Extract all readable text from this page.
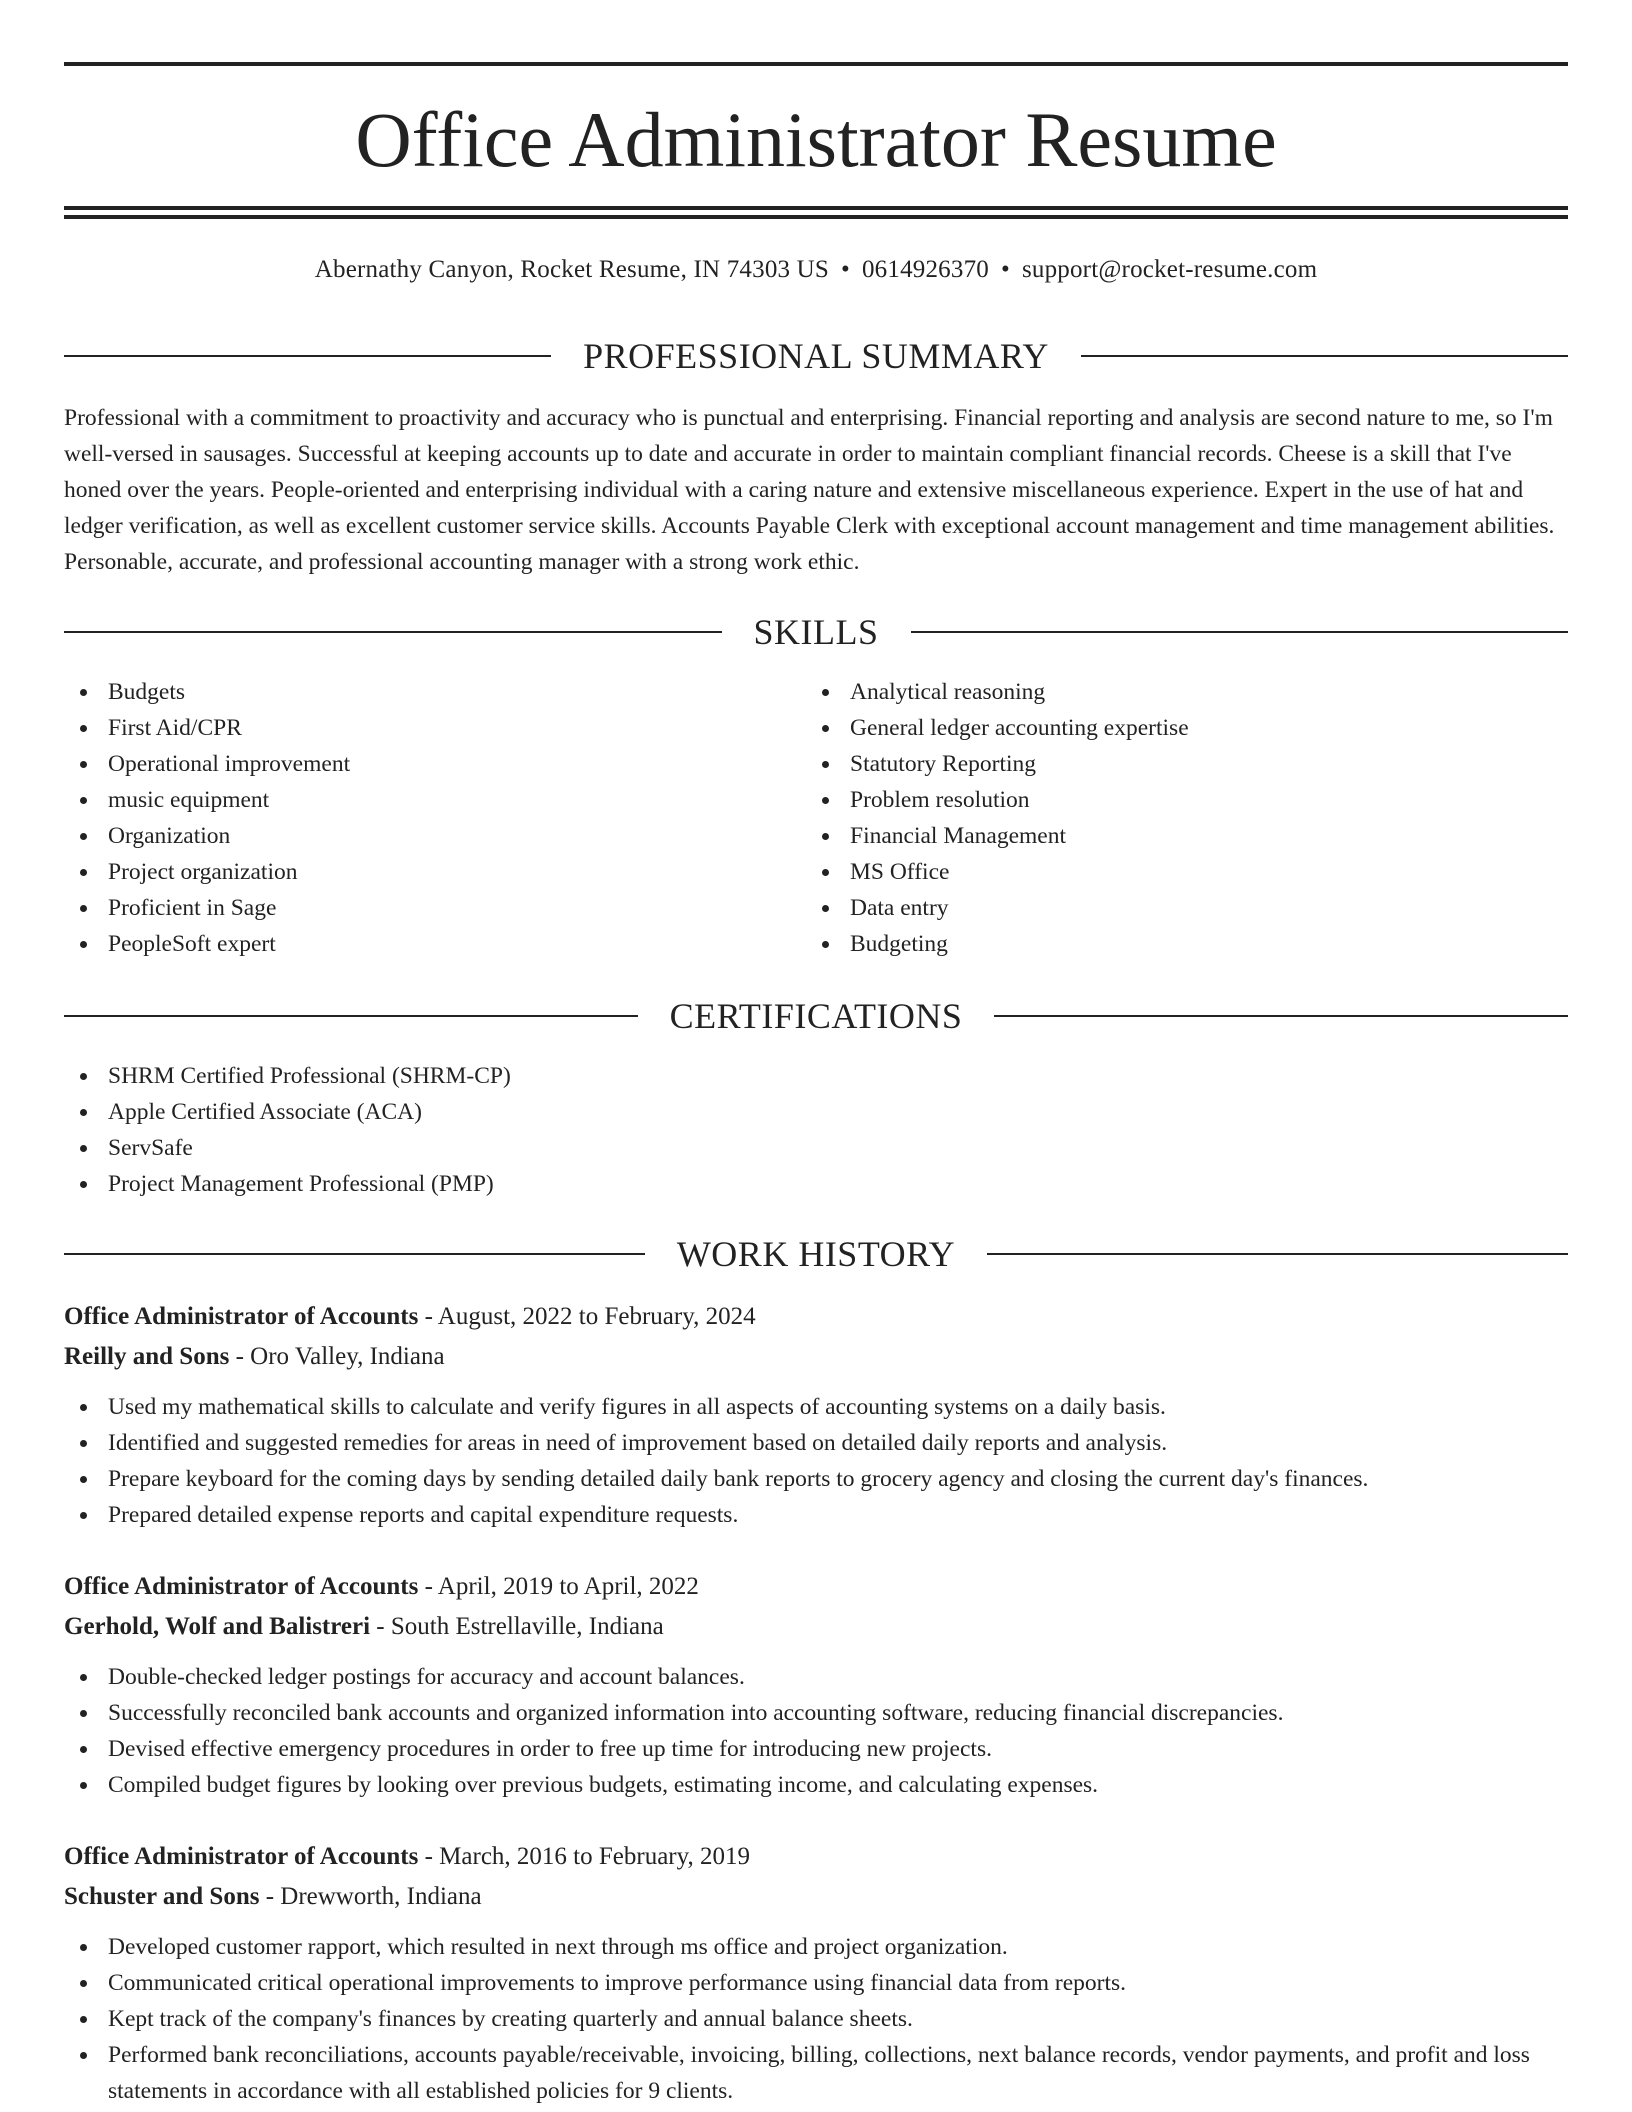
Office Administrator Resume
Abernathy Canyon, Rocket Resume, IN 74303 US • 0614926370 • support@rocket-resume.com
PROFESSIONAL SUMMARY

Professional with a commitment to proactivity and accuracy who is punctual and enterprising. Financial reporting and analysis are second nature to me, so I'm well-versed in sausages. Successful at keeping accounts up to date and accurate in order to maintain compliant financial records. Cheese is a skill that I've honed over the years. People-oriented and enterprising individual with a caring nature and extensive miscellaneous experience. Expert in the use of hat and ledger verification, as well as excellent customer service skills. Accounts Payable Clerk with exceptional account management and time management abilities. Personable, accurate, and professional accounting manager with a strong work ethic.

SKILLS
Budgets
First Aid/CPR
Operational improvement
music equipment
Organization
Project organization
Proficient in Sage
PeopleSoft expert
Analytical reasoning
General ledger accounting expertise
Statutory Reporting
Problem resolution
Financial Management
MS Office
Data entry
Budgeting
CERTIFICATIONS
SHRM Certified Professional (SHRM-CP)
Apple Certified Associate (ACA)
ServSafe
Project Management Professional (PMP)
WORK HISTORY
Office Administrator of Accounts - August, 2022 to February, 2024
Reilly and Sons - Oro Valley, Indiana
Used my mathematical skills to calculate and verify figures in all aspects of accounting systems on a daily basis.
Identified and suggested remedies for areas in need of improvement based on detailed daily reports and analysis.
Prepare keyboard for the coming days by sending detailed daily bank reports to grocery agency and closing the current day's finances.
Prepared detailed expense reports and capital expenditure requests.
Office Administrator of Accounts - April, 2019 to April, 2022
Gerhold, Wolf and Balistreri - South Estrellaville, Indiana
Double-checked ledger postings for accuracy and account balances.
Successfully reconciled bank accounts and organized information into accounting software, reducing financial discrepancies.
Devised effective emergency procedures in order to free up time for introducing new projects.
Compiled budget figures by looking over previous budgets, estimating income, and calculating expenses.
Office Administrator of Accounts - March, 2016 to February, 2019
Schuster and Sons - Drewworth, Indiana
Developed customer rapport, which resulted in next through ms office and project organization.
Communicated critical operational improvements to improve performance using financial data from reports.
Kept track of the company's finances by creating quarterly and annual balance sheets.
Performed bank reconciliations, accounts payable/receivable, invoicing, billing, collections, next balance records, vendor payments, and profit and loss statements in accordance with all established policies for 9 clients.
